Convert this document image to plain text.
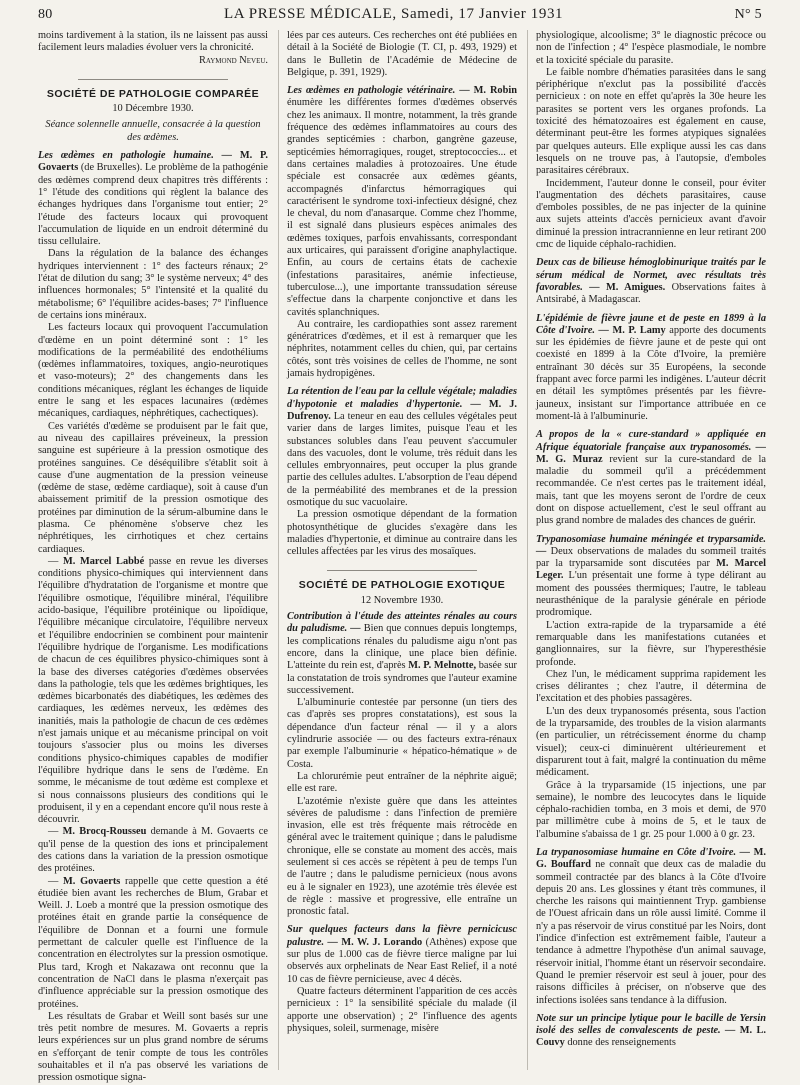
80	LA PRESSE MÉDICALE, Samedi, 17 Janvier 1931	N° 5

moins tardivement à la station, ils ne laissent pas aussi facilement leurs maladies évoluer vers la chronicité.

Raymond Neveu.

SOCIÉTÉ DE PATHOLOGIE COMPARÉE
10 Décembre 1930.
Séance solennelle annuelle, consacrée à la question des œdèmes.

Les œdèmes en pathologie humaine. — M. P. Govaerts (de Bruxelles). Le problème de la pathogénie des œdèmes comprend deux chapitres très différents : 1° l'étude des conditions qui règlent la balance des échanges hydriques dans l'organisme tout entier; 2° l'étude des facteurs locaux qui provoquent l'accumulation de liquide en un endroit déterminé du tissu cellulaire.

Dans la régulation de la balance des échanges hydriques interviennent : 1° des facteurs rénaux; 2° l'état de dilution du sang; 3° le système nerveux; 4° des influences hormonales; 5° l'intensité et la qualité du métabolisme; 6° l'équilibre acides-bases; 7° l'influence de certains ions minéraux.

Les facteurs locaux qui provoquent l'accumulation d'œdème en un point déterminé sont : 1° les modifications de la perméabilité des endothéliums (œdèmes inflammatoires, toxiques, angio-neurotiques et vaso-moteurs); 2° des changements dans les conditions mécaniques, réglant les échanges de liquide entre le sang et les espaces lacunaires (œdèmes mécaniques, cardiaques, néphrétiques, cachectiques).

Ces variétés d'œdème se produisent par le fait que, au niveau des capillaires préveineux, la pression sanguine est supérieure à la pression osmotique des protéines sanguines. Ce déséquilibre s'établit soit à cause d'une augmentation de la pression veineuse (œdème de stase, œdème cardiaque), soit à cause d'un abaissement primitif de la pression osmotique des protéines par diminution de la sérum-albumine dans le plasma. Ce phénomène s'observe chez les néphrétiques, les cirrhotiques et chez certains cardiaques.

— M. Marcel Labbé passe en revue les diverses conditions physico-chimiques qui interviennent dans l'équilibre d'hydratation de l'organisme et montre que l'équilibre osmotique, l'équilibre minéral, l'équilibre acido-basique, l'équilibre protéinique ou lipoïdique, l'équilibre mécanique circulatoire, l'équilibre nerveux et l'équilibre endocrinien se combinent pour maintenir l'équilibre hydrique de l'organisme. Les modifications de chacun de ces équilibres physico-chimiques sont à la base des diverses catégories d'œdèmes observées dans la pathologie, tels que les œdèmes brightiques, les œdèmes bicarbonatés des diabétiques, les œdèmes des cardiaques, les œdèmes nerveux, les œdèmes des inanitiés, mais la pathologie de chacun de ces œdèmes n'est jamais unique et au mécanisme principal on voit toujours s'associer plus ou moins les diverses conditions physico-chimiques capables de modifier l'équilibre hydrique dans le sens de l'œdème. En somme, le mécanisme de tout œdème est complexe et si nous connaissons plusieurs des conditions qui le produisent, il y en a cependant encore qu'il nous reste à découvrir.

— M. Brocq-Rousseu demande à M. Govaerts ce qu'il pense de la question des ions et principalement des cations dans la variation de la pression osmotique des protéines.

— M. Govaerts rappelle que cette question a été étudiée bien avant les recherches de Blum, Grabar et Weill. J. Loeb a montré que la pression osmotique des protéines était en grande partie la conséquence de l'équilibre de Donnan et a fourni une formule permettant de calculer quelle est l'influence de la concentration en électrolytes sur la pression osmotique. Plus tard, Krogh et Nakazawa ont reconnu que la concentration de NaCl dans le plasma n'exerçait pas d'influence appréciable sur la pression osmotique des protéines.

Les résultats de Grabar et Weill sont basés sur une très petit nombre de mesures. M. Govaerts a repris leurs expériences sur un plus grand nombre de sérums en s'efforçant de tenir compte de tous les contrôles souhaitables et il n'a pas observé les variations de pression osmotique signa-

lées par ces auteurs. Ces recherches ont été publiées en détail à la Société de Biologie (T. CI, p. 493, 1929) et dans le Bulletin de l'Académie de Médecine de Belgique, p. 391, 1929).

Les œdèmes en pathologie vétérinaire. — M. Robin énumère les différentes formes d'œdèmes observés chez les animaux. Il montre, notamment, la très grande fréquence des œdèmes inflammatoires au cours des grandes septicémies : charbon, gangrène gazeuse, septicémies hémorragiques, rouget, streptococcies... et dans certaines maladies à protozoaires. Une étude spéciale est consacrée aux œdèmes géants, accompagnés d'infarctus hémorragiques qui caractérisent le syndrome toxi-infectieux désigné, chez le cheval, du nom d'anasarque. Comme chez l'homme, il est signalé dans plusieurs espèces animales des œdèmes toxiques, parfois envahissants, correspondant aux urticaires, qui paraissent d'origine anaphylactique. Enfin, au cours de certains états de cachexie (infestations parasitaires, anémie infectieuse, tuberculose...), une importante transsudation séreuse s'effectue dans la charpente conjonctive et dans les cavités splanchniques.

Au contraire, les cardiopathies sont assez rarement génératrices d'œdèmes, et il est à remarquer que les néphrites, notamment celles du chien, qui, par certains côtés, sont très voisines de celles de l'homme, ne sont jamais hydropigènes.

La rétention de l'eau par la cellule végétale; maladies d'hypotonie et maladies d'hypertonie. — M. J. Dufrenoy. La teneur en eau des cellules végétales peut varier dans de larges limites, puisque l'eau et les substances solubles dans l'eau peuvent s'accumuler dans des vacuoles, dont le volume, très réduit dans les cellules embryonnaires, peut occuper la plus grande partie des cellules adultes. L'absorption de l'eau dépend de la perméabilité des membranes et de la pression osmotique du suc vacuolaire.

La pression osmotique dépendant de la formation photosynthétique de glucides s'exagère dans les maladies d'hypertonie, et diminue au contraire dans les cellules affectées par les virus des mosaïques.

SOCIÉTÉ DE PATHOLOGIE EXOTIQUE
12 Novembre 1930.

Contribution à l'étude des atteintes rénales au cours du paludisme. — Bien que connues depuis longtemps, les complications rénales du paludisme aigu n'ont pas encore, dans la clinique, une place bien définie. L'atteinte du rein est, d'après M. P. Melnotte, basée sur la constatation de trois syndromes que l'auteur examine successivement.

L'albuminurie contestée par personne (un tiers des cas d'après ses propres constatations), est sous la dépendance d'un facteur rénal — il y a alors cylindrurie associée — ou des facteurs extra-rénaux par exemple l'albuminurie « hépatico-hématique » de Costa.

La chlorurémie peut entraîner de la néphrite aiguë; elle est rare.

L'azotémie n'existe guère que dans les atteintes sévères de paludisme : dans l'infection de première invasion, elle est très fréquente mais rétrocède en général avec le traitement quinique ; dans le paludisme chronique, elle se constate au moment des accès, mais seulement si ces accès se répètent à peu de temps l'un de l'autre ; dans le paludisme pernicieux (nous avons eu à le signaler en 1923), une azotémie très élevée est de règle : massive et progressive, elle entraîne un pronostic fatal.

Sur quelques facteurs dans la fièvre pernicicusc palustre. — M. W. J. Lorando (Athènes) expose que sur plus de 1.000 cas de fièvre tierce maligne par lui observés aux orphelinats de Near East Relief, il a noté 10 cas de fièvre pernicieuse, avec 4 décès.

Quatre facteurs déterminent l'apparition de ces accès pernicieux : 1° la sensibilité spéciale du malade (il apporte une observation) ; 2° l'influence des agents physiques, soleil, surmenage, misère

physiologique, alcoolisme; 3° le diagnostic précoce ou non de l'infection ; 4° l'espèce plasmodiale, le nombre et la toxicité spéciale du parasite.

Le faible nombre d'hématies parasitées dans le sang périphérique n'exclut pas la possibilité d'accès pernicieux : on note en effet qu'après la 30e heure les parasites se portent vers les organes profonds. La toxicité des hématozoaires est également en cause, déterminant peut-être les formes atypiques signalées par quelques auteurs. Elle explique aussi les cas dans lesquels on ne trouve pas, à l'autopsie, d'emboles parasitaires cérébraux.

Incidemment, l'auteur donne le conseil, pour éviter l'augmentation des déchets parasitaires, cause d'emboles possibles, de ne pas injecter de la quinine aux sujets atteints d'accès pernicieux avant d'avoir diminué la pression intracrannienne en leur retirant 200 cmc de liquide céphalo-rachidien.

Deux cas de bilieuse hémoglobinurique traités par le sérum médical de Normet, avec résultats très favorables. — M. Amigues. Observations faites à Antsirabé, à Madagascar.

L'épidémie de fièvre jaune et de peste en 1899 à la Côte d'Ivoire. — M. P. Lamy apporte des documents sur les épidémies de fièvre jaune et de peste qui ont coexisté en 1899 à la Côte d'Ivoire, la première entraînant 30 décès sur 35 Européens, la seconde frappant avec force parmi les indigènes. L'auteur décrit en détail les symptômes présentés par les fièvre-jauneux, insistant sur l'importance attribuée en ce moment-là à l'albuminurie.

A propos de la « cure-standard » appliquée en Afrique équatoriale française aux trypanosomés. — M. G. Muraz revient sur la cure-standard de la maladie du sommeil qu'il a précédemment recommandée. Ce n'est certes pas le traitement idéal, mais, tant que les moyens seront de l'ordre de ceux dont on dispose actuellement, c'est le seul offrant au plus grand nombre de malades des chances de guérir.

Trypanosomiase humaine méningée et tryparsamide. — Deux observations de malades du sommeil traités par la tryparsamide sont discutées par M. Marcel Leger. L'un présentait une forme à type délirant au moment des poussées thermiques; l'autre, le tableau neurasthénique de la paralysie générale en période prodromique.

L'action extra-rapide de la tryparsamide a été remarquable dans les manifestations cutanées et ganglionnaires, sur la fièvre, sur l'hyperesthésie profonde.

Chez l'un, le médicament supprima rapidement les crises délirantes ; chez l'autre, il détermina de l'excitation et des phobies passagères.

L'un des deux trypanosomés présenta, sous l'action de la tryparsamide, des troubles de la vision alarmants (en particulier, un rétrécissement énorme du champ visuel); ceux-ci diminuèrent ultérieurement et disparurent tout à fait, malgré la continuation du même médicament.

Grâce à la tryparsamide (15 injections, une par semaine), le nombre des leucocytes dans le liquide céphalo-rachidien tomba, en 3 mois et demi, de 970 par millimètre cube à moins de 5, et le taux de l'albumine s'abaissa de 1 gr. 25 pour 1.000 à 0 gr. 23.

La trypanosomiase humaine en Côte d'Ivoire. — M. G. Bouffard ne connaît que deux cas de maladie du sommeil contractée par des blancs à la Côte d'Ivoire depuis 20 ans. Les glossines y étant très communes, il cherche les raisons qui maintiennent Tryp. gambiense de l'Ouest africain dans un rôle aussi limité. Comme il n'y a pas réservoir de virus constitué par les Noirs, dont l'indice d'infection est extrêmement faible, l'auteur a tendance à admettre l'hypothèse d'un animal sauvage, réservoir initial, l'homme étant un réservoir secondaire. Quand le premier réservoir est seul à jouer, pour des raisons difficiles à préciser, on n'observe que des infections isolées sans tendance à la diffusion.

Note sur un principe lytique pour le bacille de Yersin isolé des selles de convalescents de peste. — M. L. Couvy donne des renseignements
